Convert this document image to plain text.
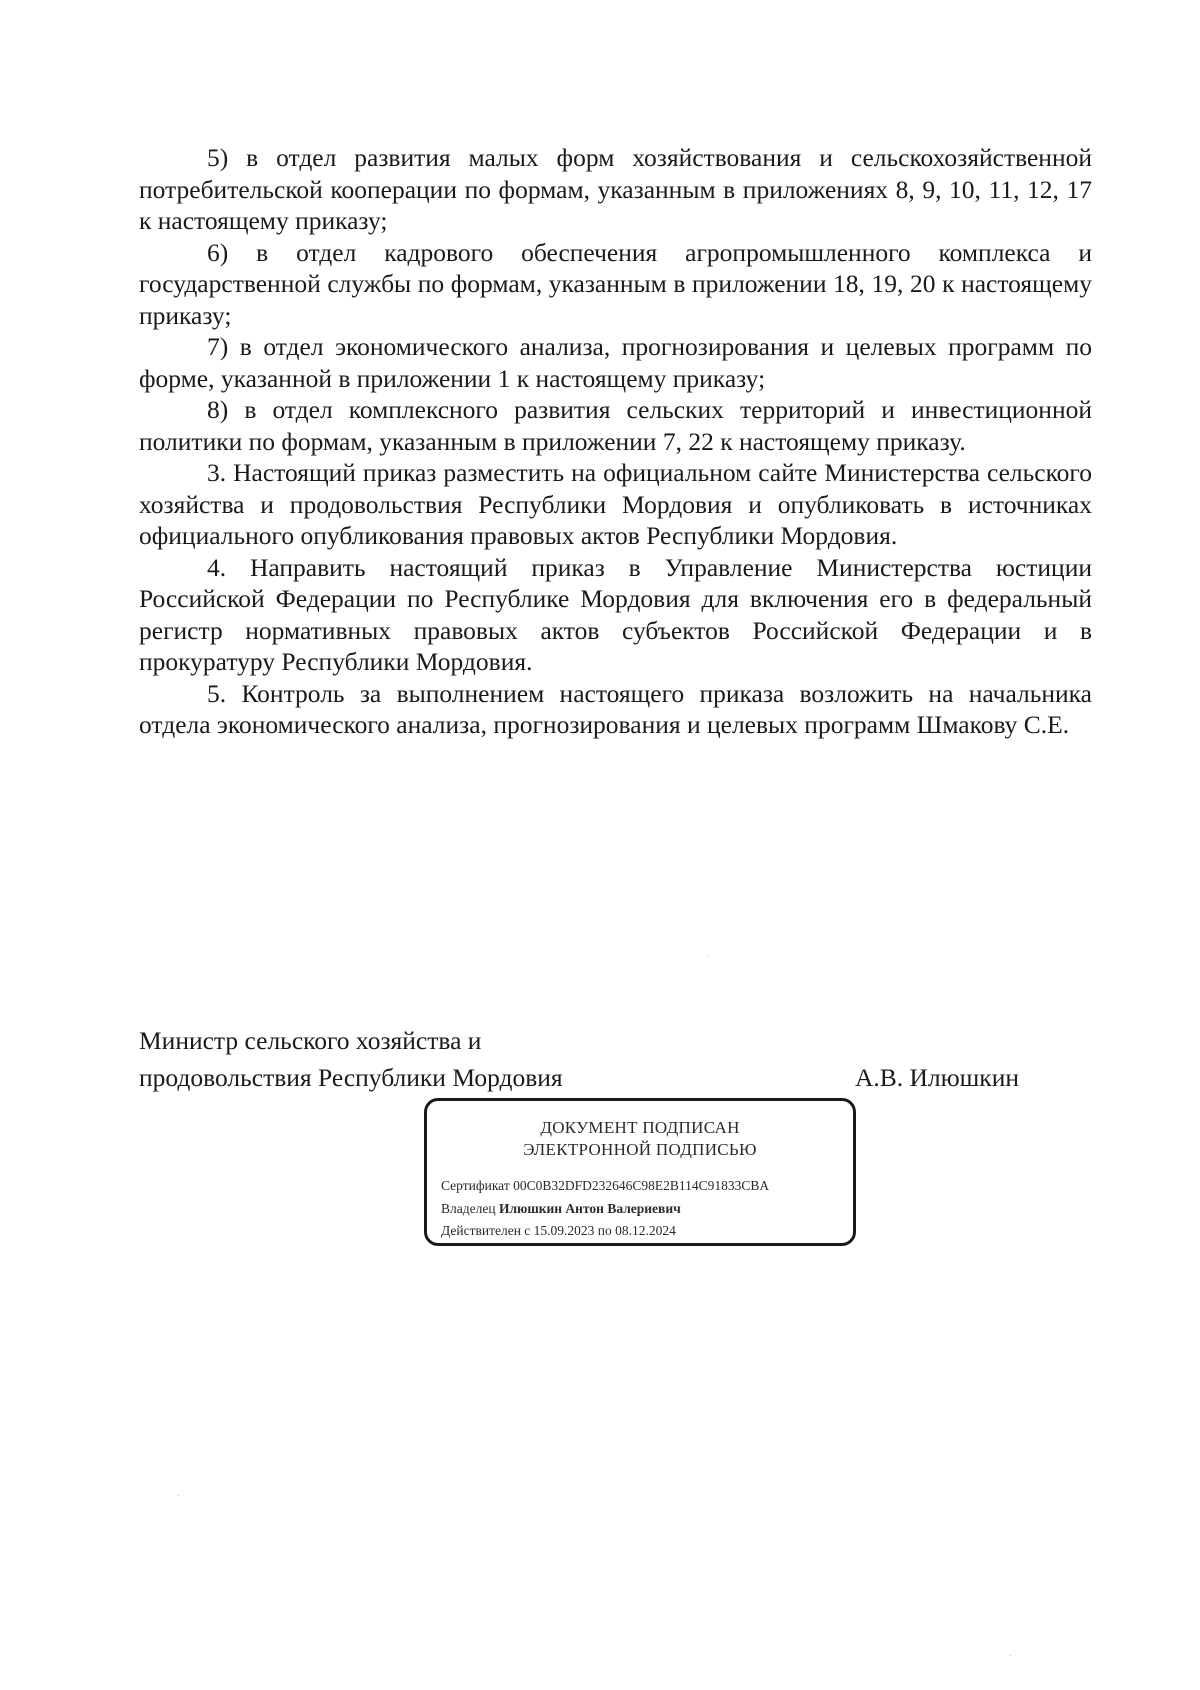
5) в отдел развития малых форм хозяйствования и сельскохозяйственной потребительской кооперации по формам, указанным в приложениях 8, 9, 10, 11, 12, 17 к настоящему приказу;

6) в отдел кадрового обеспечения агропромышленного комплекса и государственной службы по формам, указанным в приложении 18, 19, 20 к настоящему приказу;

7) в отдел экономического анализа, прогнозирования и целевых программ по форме, указанной в приложении 1 к настоящему приказу;

8) в отдел комплексного развития сельских территорий и инвестиционной политики по формам, указанным в приложении 7, 22 к настоящему приказу.

3. Настоящий приказ разместить на официальном сайте Министерства сельского хозяйства и продовольствия Республики Мордовия и опубликовать в источниках официального опубликования правовых актов Республики Мордовия.

4. Направить настоящий приказ в Управление Министерства юстиции Российской Федерации по Республике Мордовия для включения его в федеральный регистр нормативных правовых актов субъектов Российской Федерации и в прокуратуру Республики Мордовия.

5. Контроль за выполнением настоящего приказа возложить на начальника отдела экономического анализа, прогнозирования и целевых программ Шмакову С.Е.

Министр сельского хозяйства и
продовольствия Республики Мордовия	А.В. Илюшкин
ДОКУМЕНТ ПОДПИСАН
ЭЛЕКТРОННОЙ ПОДПИСЬЮ
Сертификат 00C0B32DFD232646C98E2B114C91833CBA
Владелец Илюшкин Антон Валериевич
Действителен с 15.09.2023 по 08.12.2024
